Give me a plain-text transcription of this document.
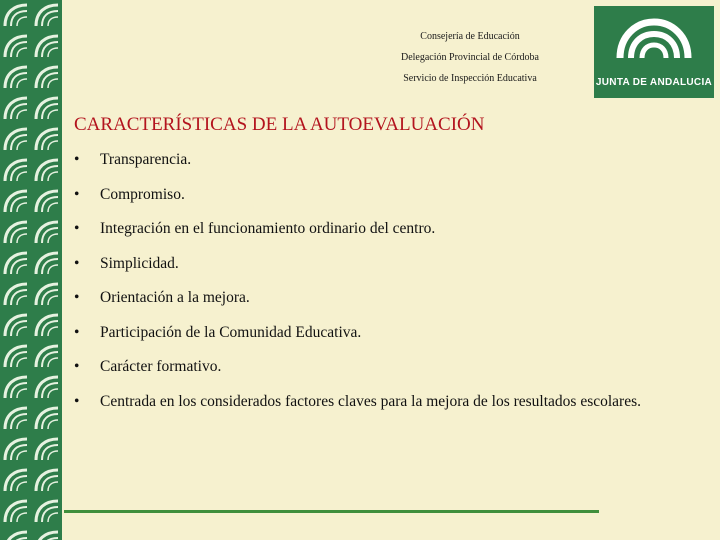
Consejería de Educación
Delegación Provincial de Córdoba
Servicio de Inspección Educativa	JUNTA DE ANDALUCIA
CARACTERÍSTICAS DE LA AUTOEVALUACIÓN
• Transparencia.
• Compromiso.
• Integración en el funcionamiento ordinario del centro.
• Simplicidad.
• Orientación a la mejora.
• Participación de la Comunidad Educativa.
• Carácter formativo.
• Centrada en los considerados factores claves para la mejora de los resultados escolares.
